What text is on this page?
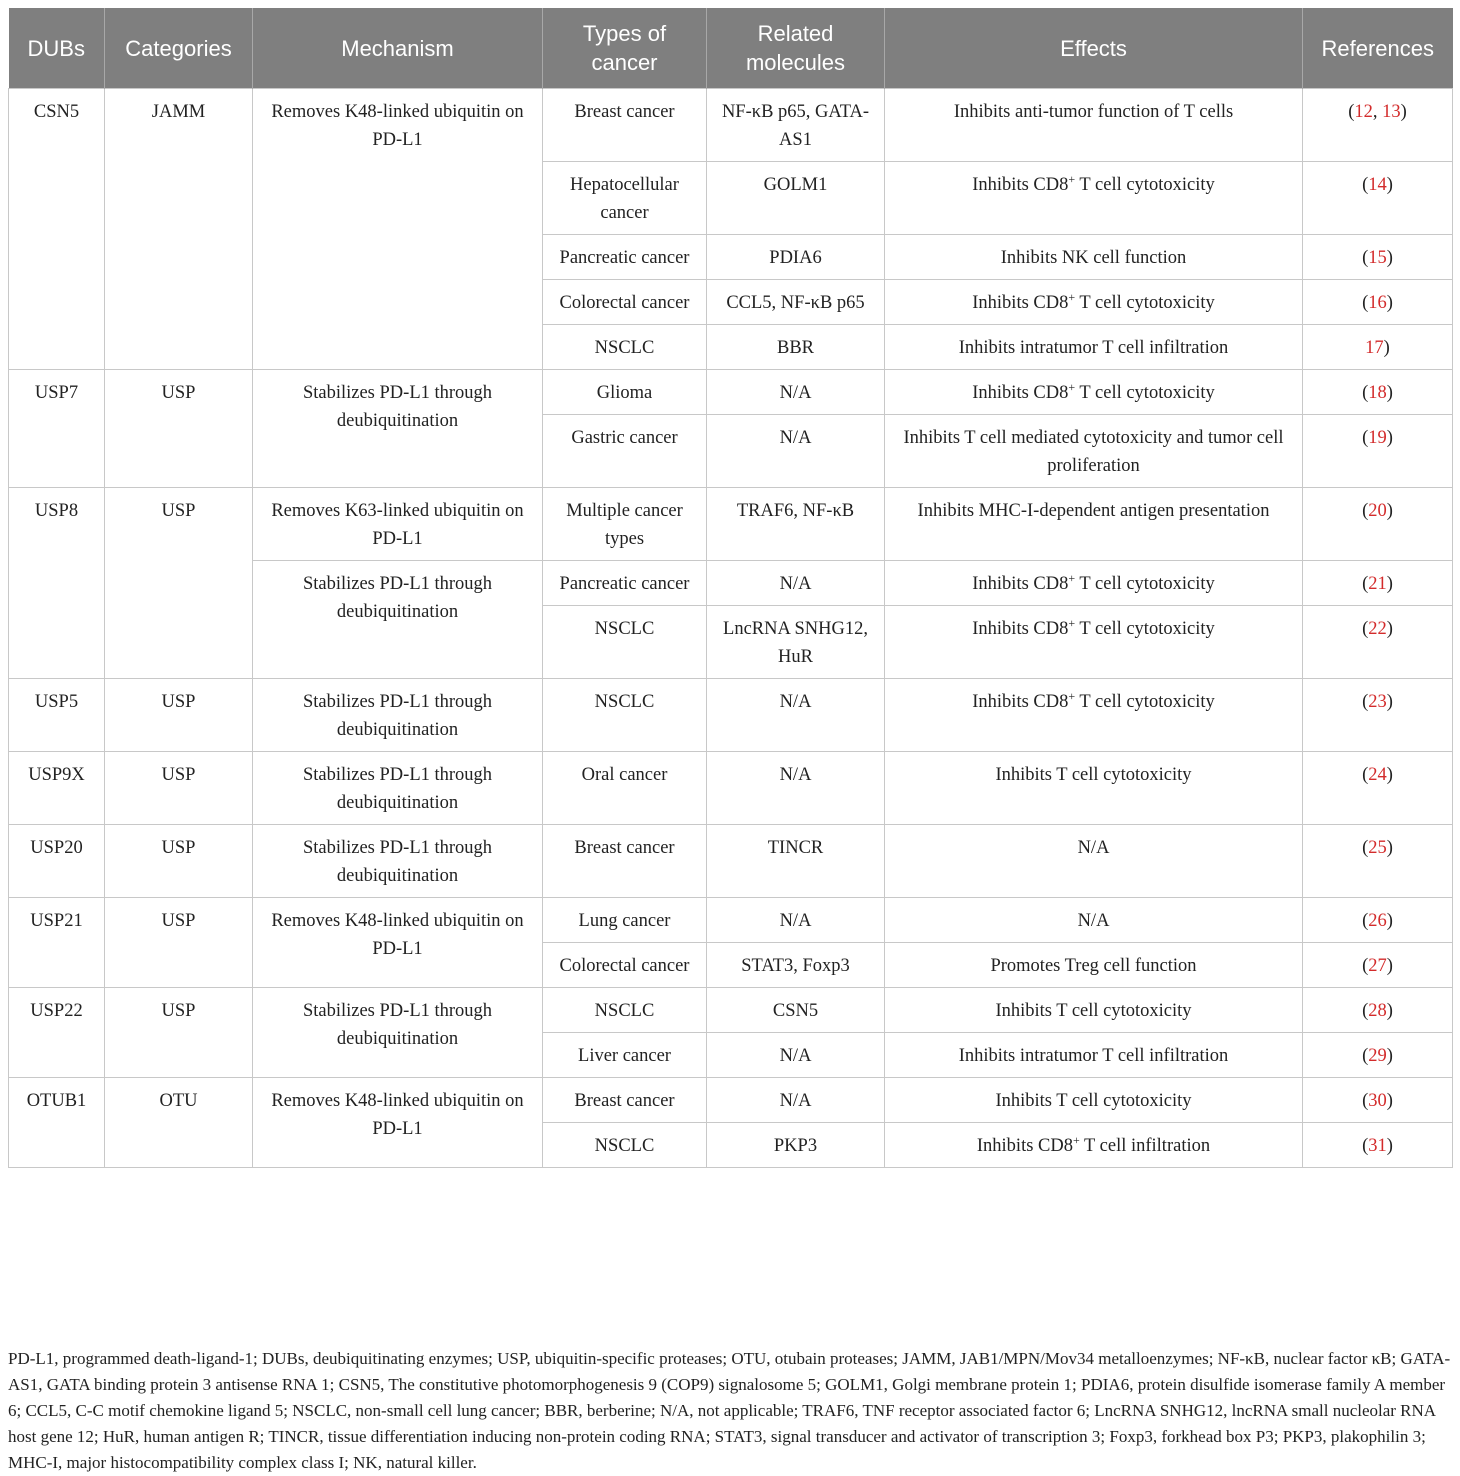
DUBs	Categories	Mechanism	Types of cancer	Related molecules	Effects	References
CSN5	JAMM	Removes K48-linked ubiquitin on PD-L1	Breast cancer	NF-κB p65, GATA-AS1	Inhibits anti-tumor function of T cells	(12, 13)
			Hepatocellular cancer	GOLM1	Inhibits CD8+ T cell cytotoxicity	(14)
			Pancreatic cancer	PDIA6	Inhibits NK cell function	(15)
			Colorectal cancer	CCL5, NF-κB p65	Inhibits CD8+ T cell cytotoxicity	(16)
			NSCLC	BBR	Inhibits intratumor T cell infiltration	17)
USP7	USP	Stabilizes PD-L1 through deubiquitination	Glioma	N/A	Inhibits CD8+ T cell cytotoxicity	(18)
			Gastric cancer	N/A	Inhibits T cell mediated cytotoxicity and tumor cell proliferation	(19)
USP8	USP	Removes K63-linked ubiquitin on PD-L1	Multiple cancer types	TRAF6, NF-κB	Inhibits MHC-I-dependent antigen presentation	(20)
		Stabilizes PD-L1 through deubiquitination	Pancreatic cancer	N/A	Inhibits CD8+ T cell cytotoxicity	(21)
			NSCLC	LncRNA SNHG12, HuR	Inhibits CD8+ T cell cytotoxicity	(22)
USP5	USP	Stabilizes PD-L1 through deubiquitination	NSCLC	N/A	Inhibits CD8+ T cell cytotoxicity	(23)
USP9X	USP	Stabilizes PD-L1 through deubiquitination	Oral cancer	N/A	Inhibits T cell cytotoxicity	(24)
USP20	USP	Stabilizes PD-L1 through deubiquitination	Breast cancer	TINCR	N/A	(25)
USP21	USP	Removes K48-linked ubiquitin on PD-L1	Lung cancer	N/A	N/A	(26)
			Colorectal cancer	STAT3, Foxp3	Promotes Treg cell function	(27)
USP22	USP	Stabilizes PD-L1 through deubiquitination	NSCLC	CSN5	Inhibits T cell cytotoxicity	(28)
			Liver cancer	N/A	Inhibits intratumor T cell infiltration	(29)
OTUB1	OTU	Removes K48-linked ubiquitin on PD-L1	Breast cancer	N/A	Inhibits T cell cytotoxicity	(30)
			NSCLC	PKP3	Inhibits CD8+ T cell infiltration	(31)
PD-L1, programmed death-ligand-1; DUBs, deubiquitinating enzymes; USP, ubiquitin-specific proteases; OTU, otubain proteases; JAMM, JAB1/MPN/Mov34 metalloenzymes; NF-κB, nuclear factor κB; GATA-AS1, GATA binding protein 3 antisense RNA 1; CSN5, The constitutive photomorphogenesis 9 (COP9) signalosome 5; GOLM1, Golgi membrane protein 1; PDIA6, protein disulfide isomerase family A member 6; CCL5, C-C motif chemokine ligand 5; NSCLC, non-small cell lung cancer; BBR, berberine; N/A, not applicable; TRAF6, TNF receptor associated factor 6; LncRNA SNHG12, lncRNA small nucleolar RNA host gene 12; HuR, human antigen R; TINCR, tissue differentiation inducing non-protein coding RNA; STAT3, signal transducer and activator of transcription 3; Foxp3, forkhead box P3; PKP3, plakophilin 3; MHC-I, major histocompatibility complex class I; NK, natural killer.
